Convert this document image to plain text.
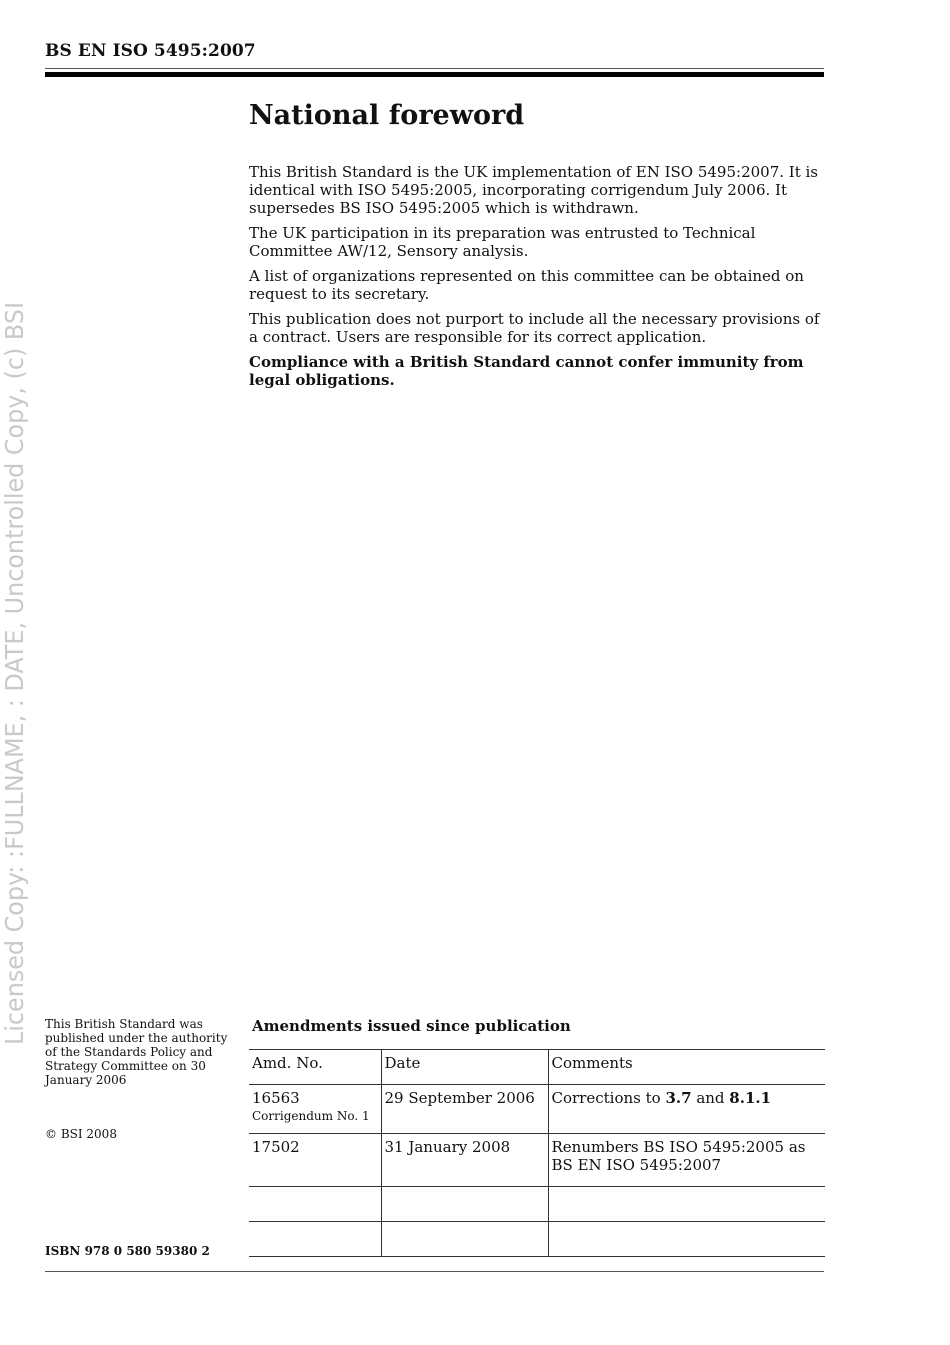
BS EN ISO 5495:2007
National foreword

This British Standard is the UK implementation of EN ISO 5495:2007. It is identical with ISO 5495:2005, incorporating corrigendum July 2006. It supersedes BS ISO 5495:2005 which is withdrawn.

The UK participation in its preparation was entrusted to Technical Committee AW/12, Sensory analysis.

A list of organizations represented on this committee can be obtained on request to its secretary.

This publication does not purport to include all the necessary provisions of a contract. Users are responsible for its correct application.

Compliance with a British Standard cannot confer immunity from legal obligations.

Licensed Copy: :FULLNAME, : DATE, Uncontrolled Copy, (c) BSI This British Standard was published under the authority of the Standards Policy and Strategy Committee on 30 January 2006
© BSI 2008
ISBN 978 0 580 59380 2
Amendments issued since publication
Amd. No.	Date	Comments
16563
Corrigendum No. 1	29 September 2006	Corrections to 3.7 and 8.1.1
17502	31 January 2008	Renumbers BS ISO 5495:2005 as BS EN ISO 5495:2007
